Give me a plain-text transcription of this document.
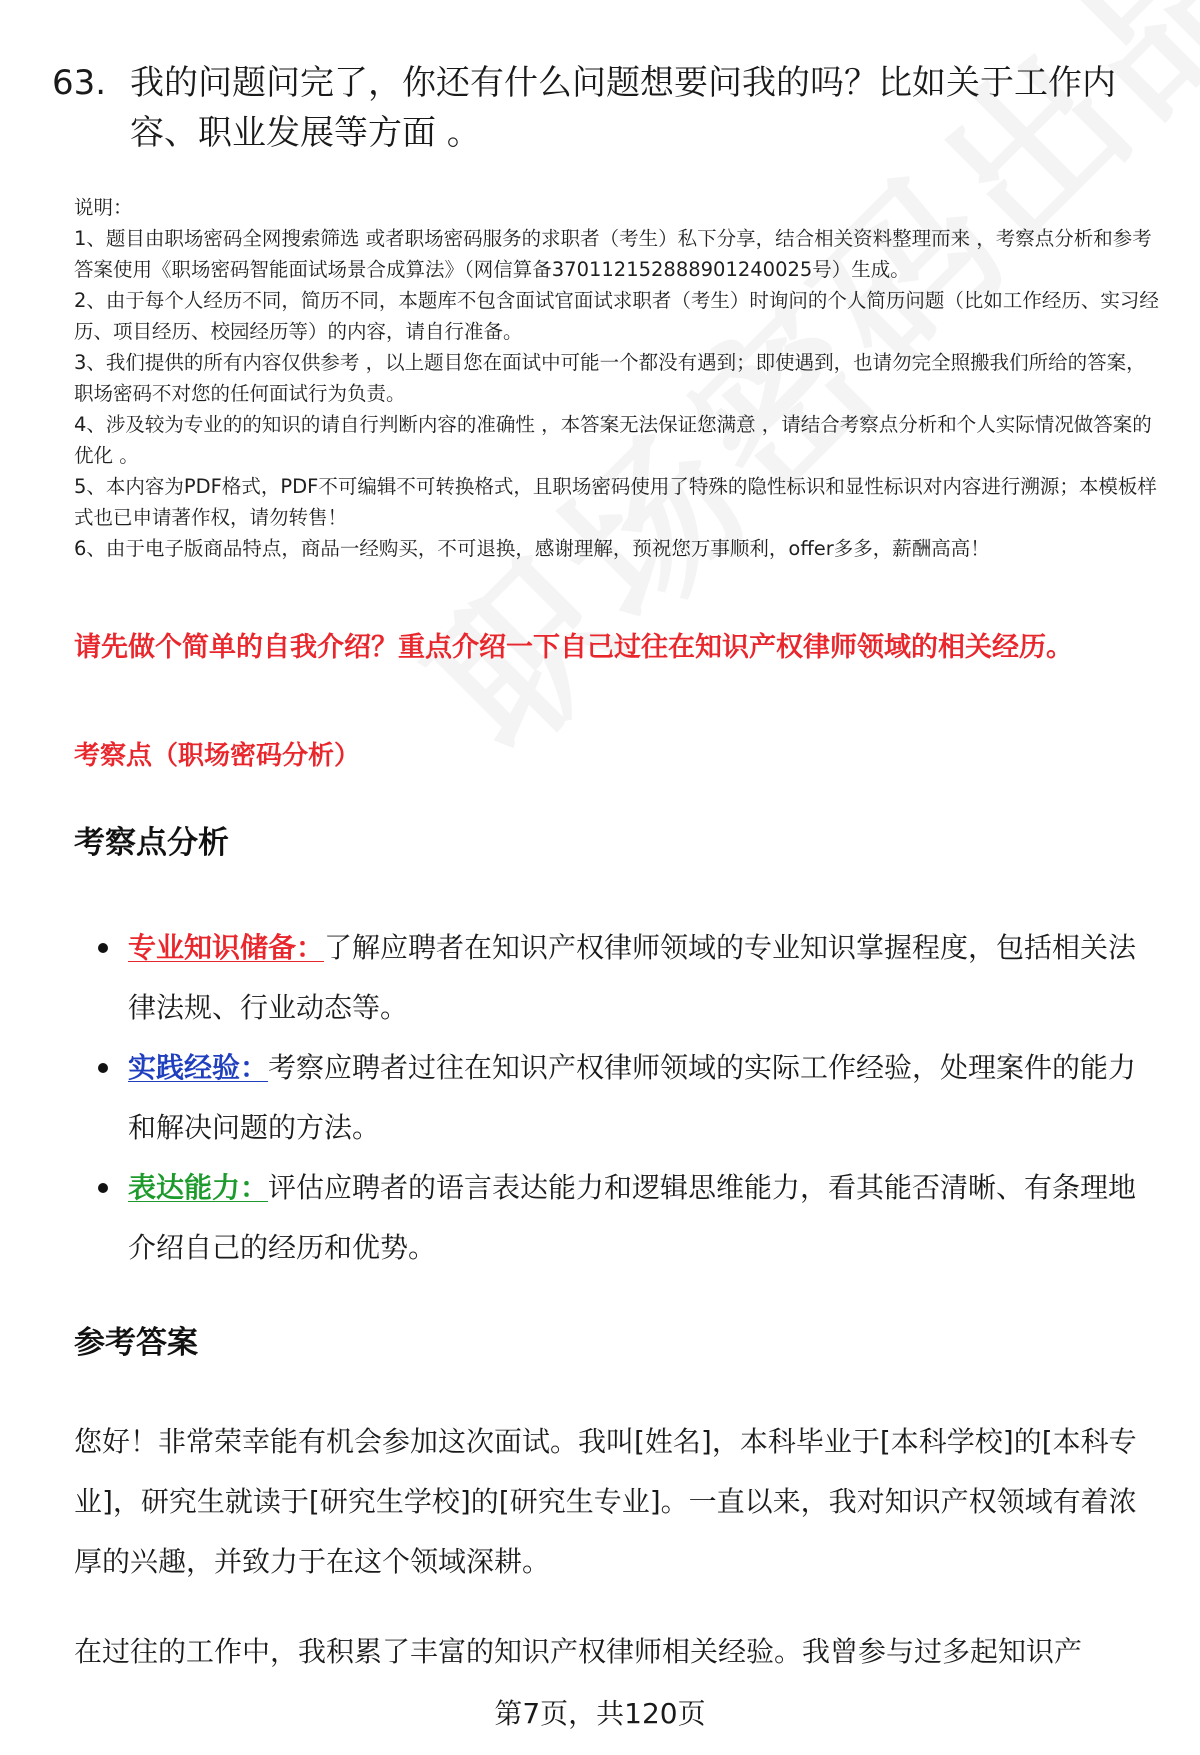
63. 我的问题问完了，你还有什么问题想要问我的吗？比如关于工作内容、职业发展等方面 。

说明：

1、题目由职场密码全网搜索筛选 或者职场密码服务的求职者（考生）私下分享，结合相关资料整理而来 ，考察点分析和参考答案使用《职场密码智能面试场景合成算法》（网信算备370112152888901240025号）生成。

2、由于每个人经历不同，简历不同，本题库不包含面试官面试求职者（考生）时询问的个人简历问题（比如工作经历、实习经历、项目经历、校园经历等）的内容，请自行准备。

3、我们提供的所有内容仅供参考 ，以上题目您在面试中可能一个都没有遇到；即使遇到，也请勿完全照搬我们所给的答案，职场密码不对您的任何面试行为负责。

4、涉及较为专业的的知识的请自行判断内容的准确性 ，本答案无法保证您满意 ，请结合考察点分析和个人实际情况做答案的优化 。

5、本内容为PDF格式，PDF不可编辑不可转换格式，且职场密码使用了特殊的隐性标识和显性标识对内容进行溯源；本模板样式也已申请著作权，请勿转售！

6、由于电子版商品特点，商品一经购买，不可退换，感谢理解，预祝您万事顺利，offer多多，薪酬高高！

请先做个简单的自我介绍？重点介绍一下自己过往在知识产权律师领域的相关经历。
考察点（职场密码分析）
考察点分析
专业知识储备：了解应聘者在知识产权律师领域的专业知识掌握程度，包括相关法律法规、行业动态等。
实践经验：考察应聘者过往在知识产权律师领域的实际工作经验，处理案件的能力和解决问题的方法。
表达能力：评估应聘者的语言表达能力和逻辑思维能力，看其能否清晰、有条理地介绍自己的经历和优势。
参考答案

您好！非常荣幸能有机会参加这次面试。我叫[姓名]，本科毕业于[本科学校]的[本科专业]，研究生就读于[研究生学校]的[研究生专业]。一直以来，我对知识产权领域有着浓厚的兴趣，并致力于在这个领域深耕。

在过往的工作中，我积累了丰富的知识产权律师相关经验。我曾参与过多起知识产

第7页，共120页
